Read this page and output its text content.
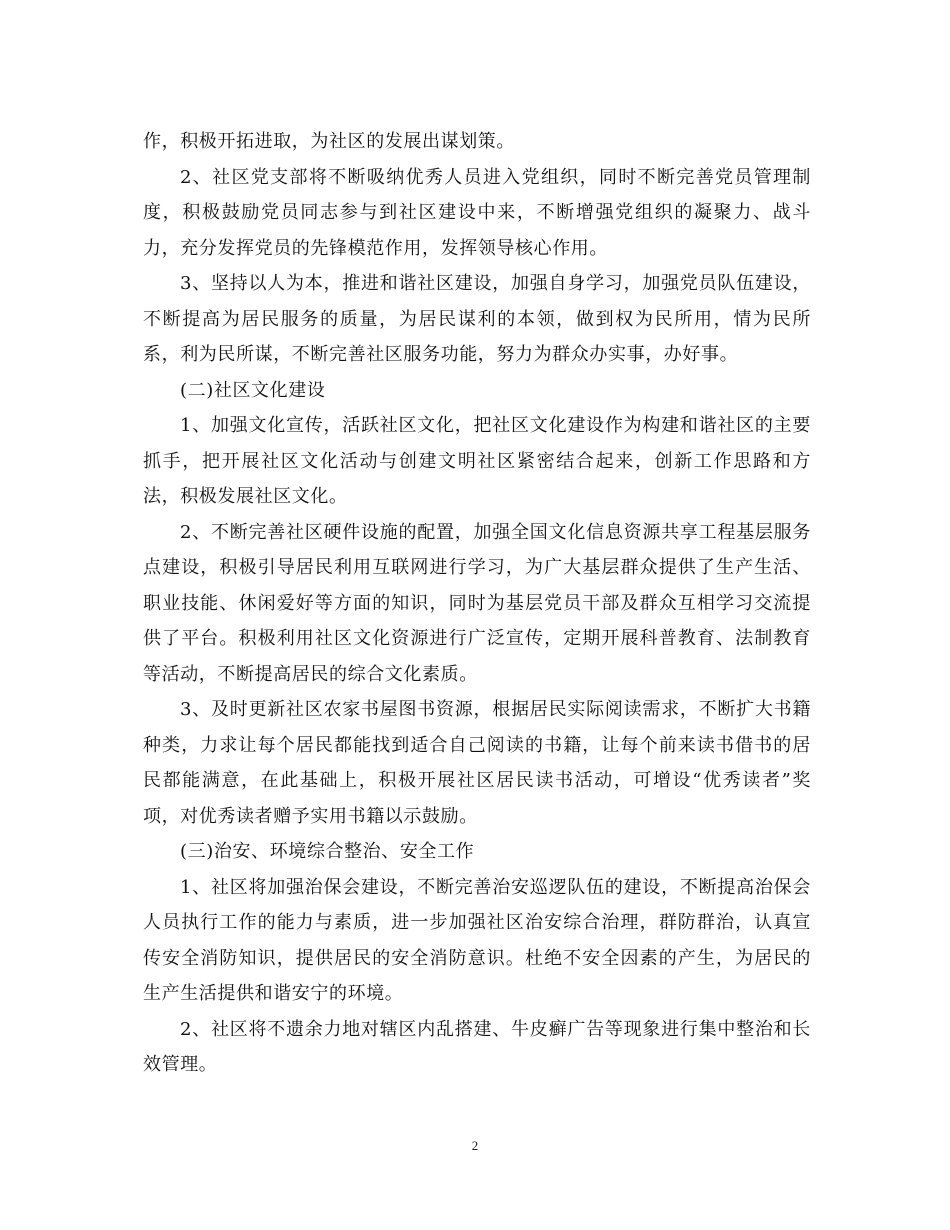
作，积极开拓进取，为社区的发展出谋划策。

2、社区党支部将不断吸纳优秀人员进入党组织，同时不断完善党员管理制度，积极鼓励党员同志参与到社区建设中来，不断增强党组织的凝聚力、战斗力，充分发挥党员的先锋模范作用，发挥领导核心作用。

3、坚持以人为本，推进和谐社区建设，加强自身学习，加强党员队伍建设，不断提高为居民服务的质量，为居民谋利的本领，做到权为民所用，情为民所系，利为民所谋，不断完善社区服务功能，努力为群众办实事，办好事。

(二)社区文化建设

1、加强文化宣传，活跃社区文化，把社区文化建设作为构建和谐社区的主要抓手，把开展社区文化活动与创建文明社区紧密结合起来，创新工作思路和方法，积极发展社区文化。

2、不断完善社区硬件设施的配置，加强全国文化信息资源共享工程基层服务点建设，积极引导居民利用互联网进行学习，为广大基层群众提供了生产生活、职业技能、休闲爱好等方面的知识，同时为基层党员干部及群众互相学习交流提供了平台。积极利用社区文化资源进行广泛宣传，定期开展科普教育、法制教育等活动，不断提高居民的综合文化素质。

3、及时更新社区农家书屋图书资源，根据居民实际阅读需求，不断扩大书籍种类，力求让每个居民都能找到适合自己阅读的书籍，让每个前来读书借书的居民都能满意，在此基础上，积极开展社区居民读书活动，可增设“优秀读者”奖项，对优秀读者赠予实用书籍以示鼓励。

(三)治安、环境综合整治、安全工作

1、社区将加强治保会建设，不断完善治安巡逻队伍的建设，不断提高治保会人员执行工作的能力与素质，进一步加强社区治安综合治理，群防群治，认真宣传安全消防知识，提供居民的安全消防意识。杜绝不安全因素的产生，为居民的生产生活提供和谐安宁的环境。

2、社区将不遗余力地对辖区内乱搭建、牛皮癣广告等现象进行集中整治和长效管理。

2
